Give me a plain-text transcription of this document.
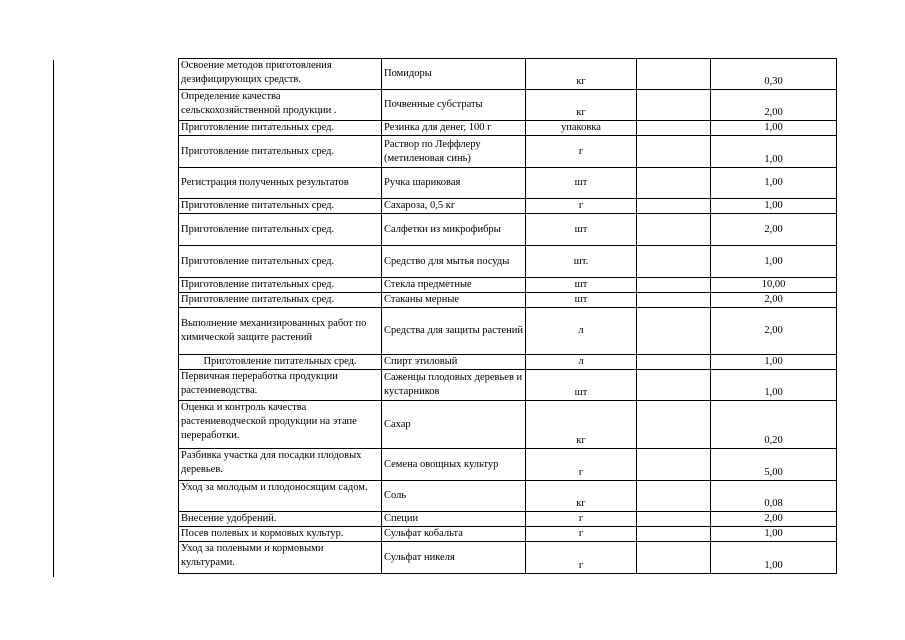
Освоение методов приготовления дезифицирующих средств.	Помидоры	кг		0,30
Определение качества сельскохозяйственной продукции .	Почвенные субстраты	кг		2,00
Приготовление питательных сред.	Резинка для денег, 100 г	упаковка		1,00
Приготовление питательных сред.	Раствор по Леффлеру (метиленовая синь)	г		1,00
Регистрация полученных результатов	Ручка шариковая	шт		1,00
Приготовление питательных сред.	Сахароза, 0,5 кг	г		1,00
Приготовление питательных сред.	Салфетки из микрофибры	шт		2,00
Приготовление питательных сред.	Средство для мытья посуды	шт.		1,00
Приготовление питательных сред.	Стекла предметные	шт		10,00
Приготовление питательных сред.	Стаканы мерные	шт		2,00
Выполнение механизированных работ по химической защите растений	Средства для защиты растений	л		2,00
Приготовление питательных сред.	Спирт этиловый	л		1,00
Первичная переработка продукции растениеводства.	Саженцы плодовых деревьев и кустарников	шт		1,00
Оценка и контроль качества растениеводческой продукции на этапе переработки.	Сахар	кг		0,20
Разбивка участка для посадки плодовых деревьев.	Семена овощных культур	г		5,00
Уход за молодым и плодоносящим садом.	Соль	кг		0,08
Внесение удобрений.	Специи	г		2,00
Посев полевых и кормовых культур.	Сульфат кобальта	г		1,00
Уход за полевыми и кормовыми культурами.	Сульфат никеля	г		1,00
